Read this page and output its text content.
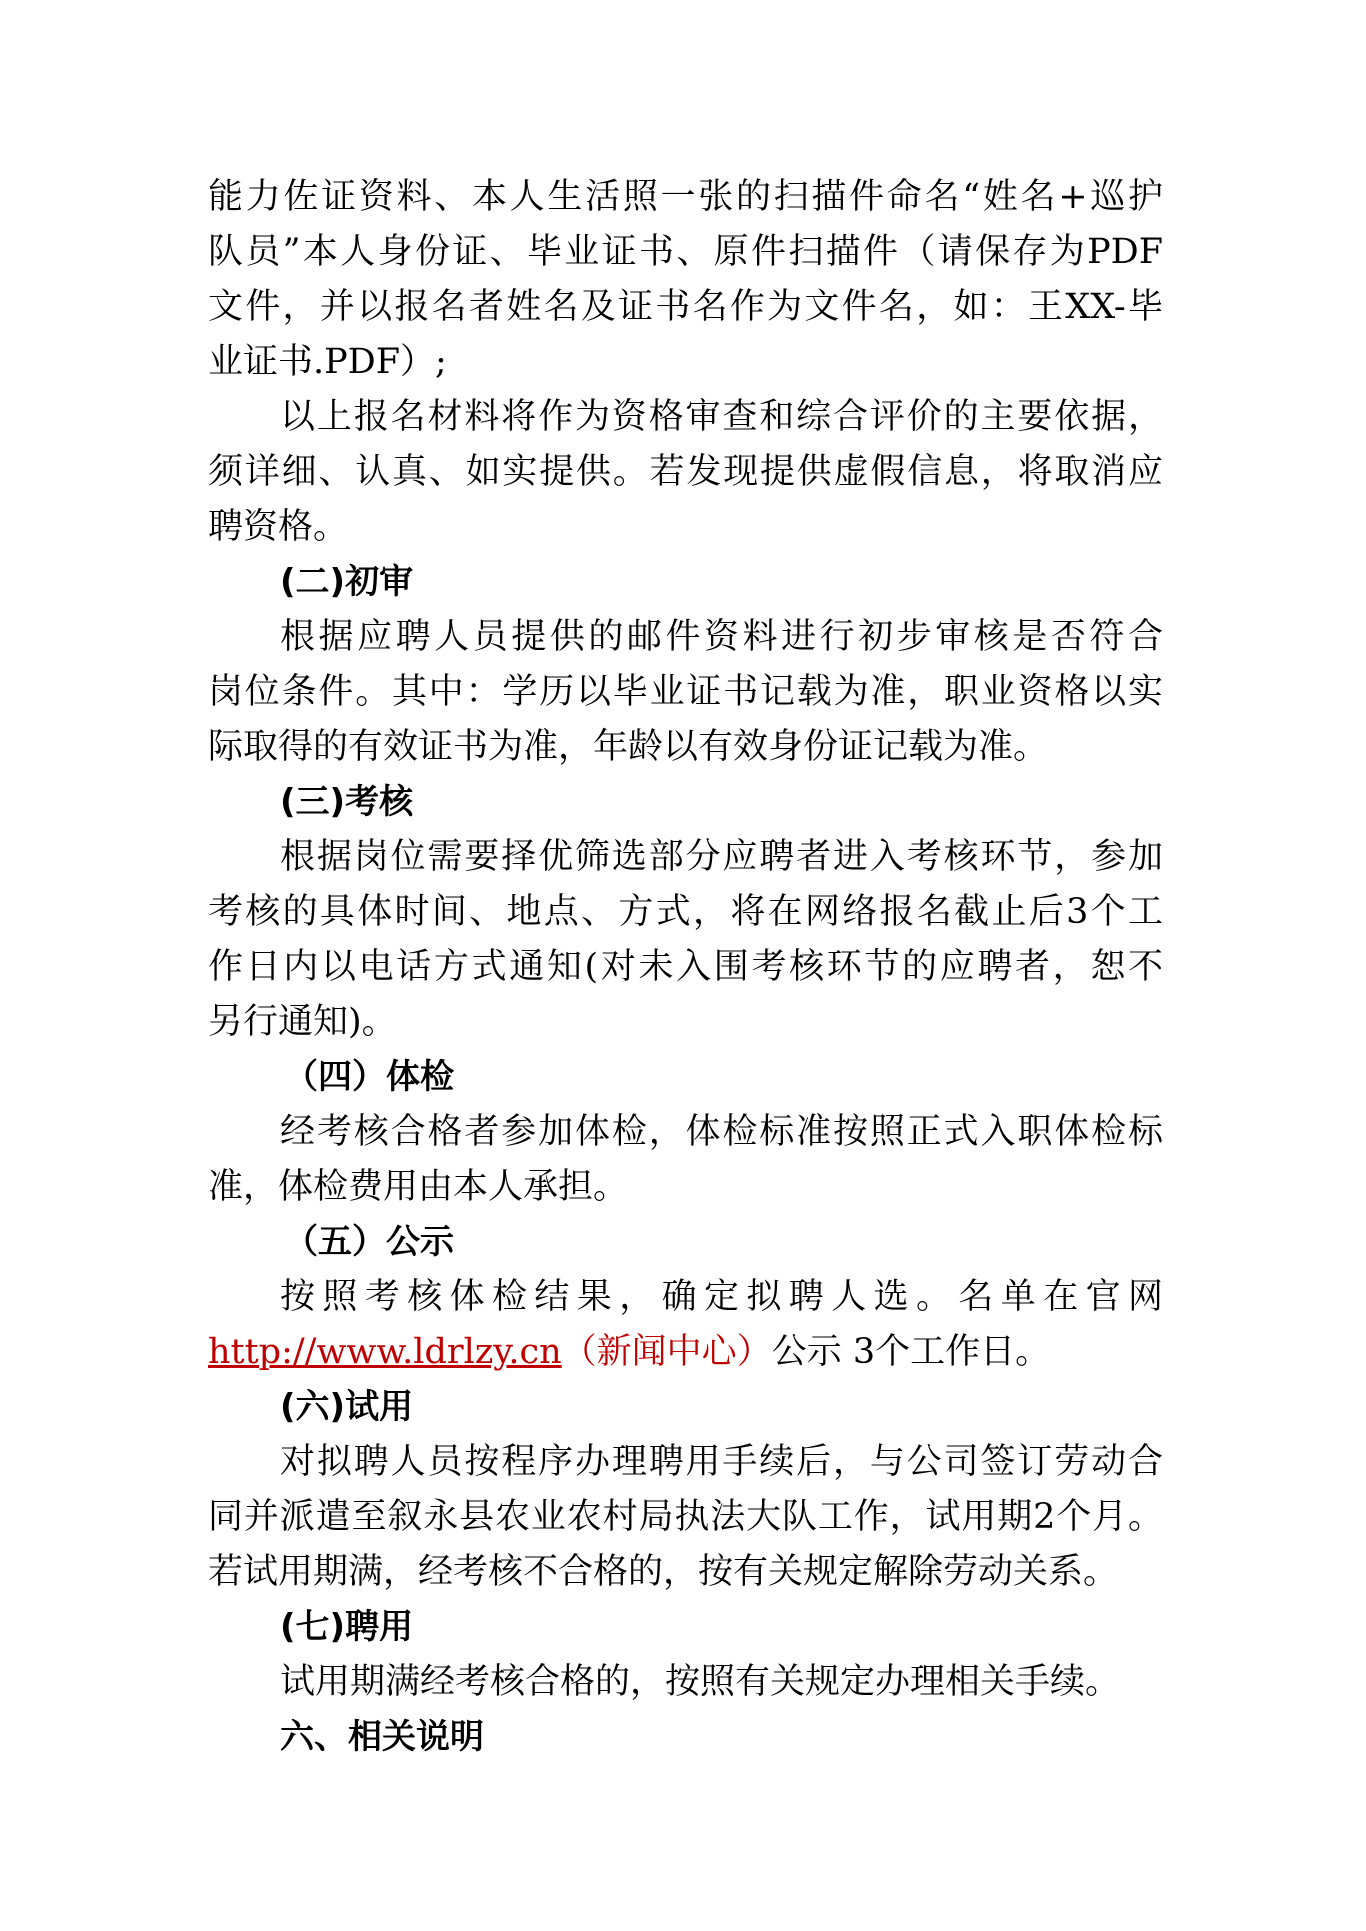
能力佐证资料、本人生活照一张的扫描件命名“姓名+巡护
队员”本人身份证、毕业证书、原件扫描件（请保存为PDF
文件，并以报名者姓名及证书名作为文件名，如：王XX-毕
业证书.PDF）;
以上报名材料将作为资格审查和综合评价的主要依据，
须详细、认真、如实提供。若发现提供虚假信息，将取消应
聘资格。
(二)初审
根据应聘人员提供的邮件资料进行初步审核是否符合
岗位条件。其中：学历以毕业证书记载为准，职业资格以实
际取得的有效证书为准，年龄以有效身份证记载为准。
(三)考核
根据岗位需要择优筛选部分应聘者进入考核环节，参加
考核的具体时间、地点、方式，将在网络报名截止后3个工
作日内以电话方式通知(对未入围考核环节的应聘者，恕不
另行通知)。
（四）体检
经考核合格者参加体检，体检标准按照正式入职体检标
准，体检费用由本人承担。
（五）公示
按照考核体检结果，确定拟聘人选。名单在官网
http://www.ldrlzy.cn（新闻中心）公示 3个工作日。
(六)试用
对拟聘人员按程序办理聘用手续后，与公司签订劳动合
同并派遣至叙永县农业农村局执法大队工作，试用期2个月。
若试用期满，经考核不合格的，按有关规定解除劳动关系。
(七)聘用
试用期满经考核合格的，按照有关规定办理相关手续。
六、相关说明
